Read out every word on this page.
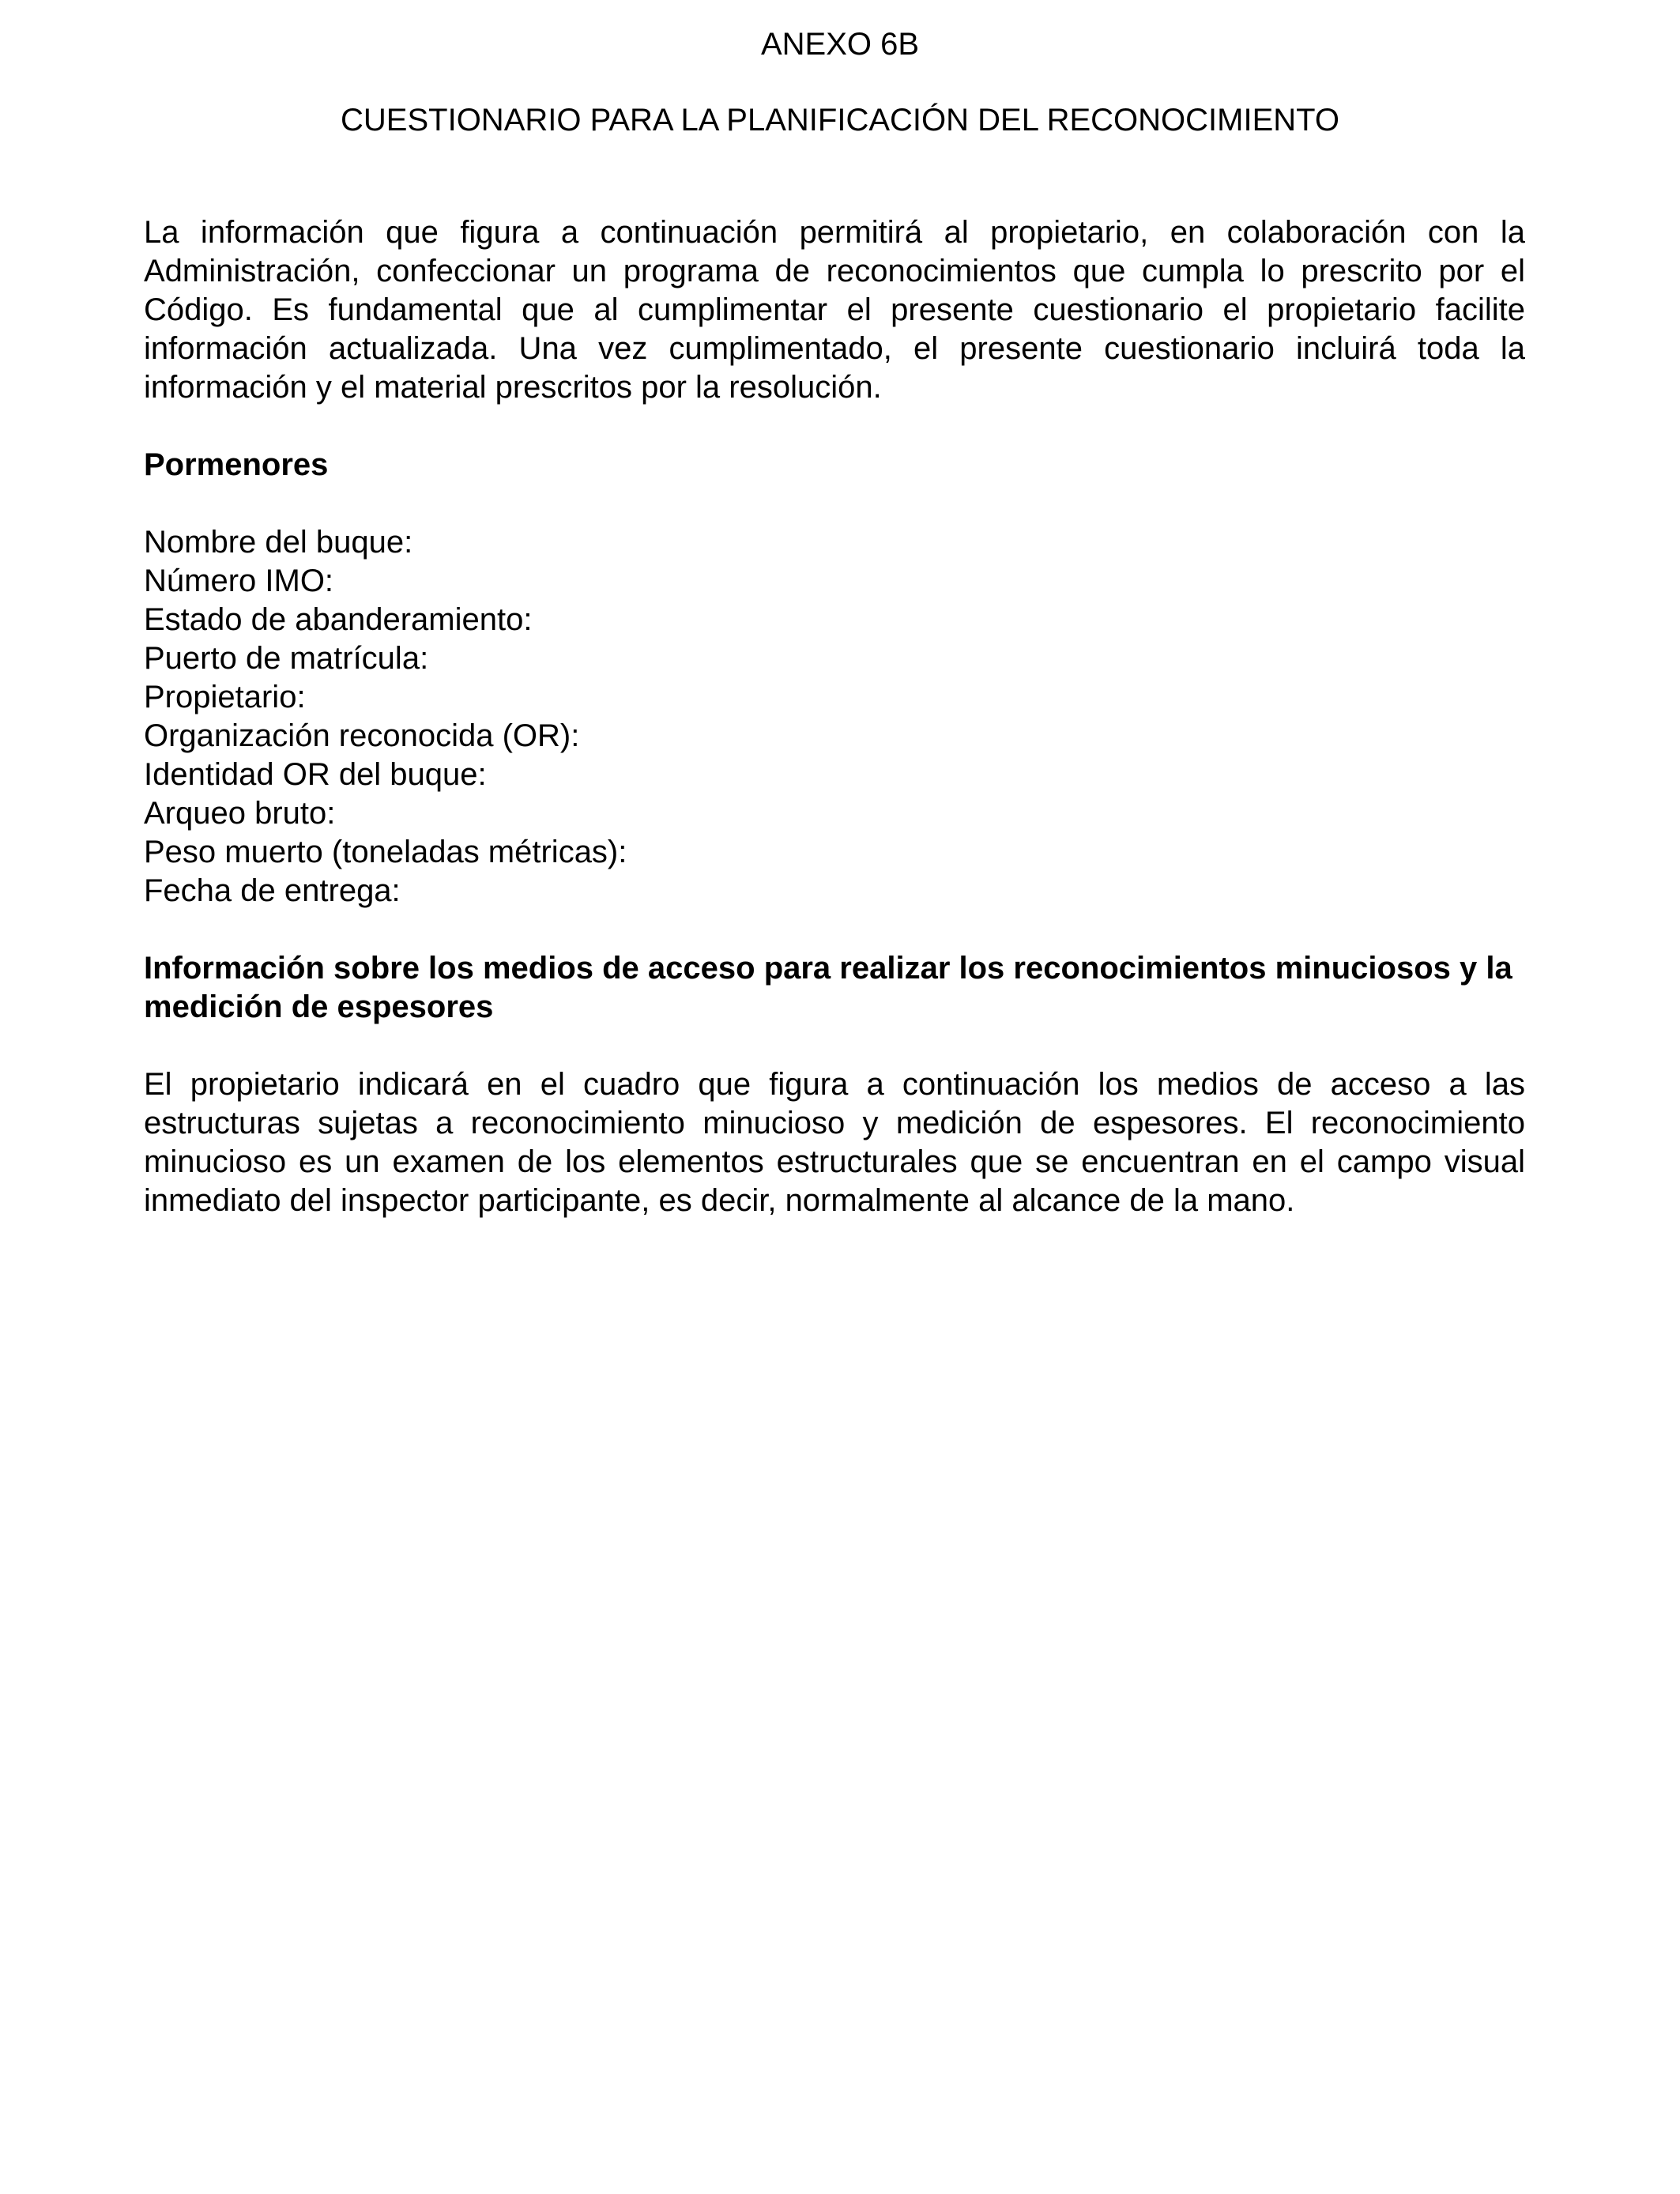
ANEXO 6B
CUESTIONARIO PARA LA PLANIFICACIÓN DEL RECONOCIMIENTO

La información que figura a continuación permitirá al propietario, en colaboración con la Administración, confeccionar un programa de reconocimientos que cumpla lo prescrito por el Código. Es fundamental que al cumplimentar el presente cuestionario el propietario facilite información actualizada. Una vez cumplimentado, el presente cuestionario incluirá toda la información y el material prescritos por la resolución.

Pormenores

Nombre del buque:
Número IMO:
Estado de abanderamiento:
Puerto de matrícula:
Propietario:
Organización reconocida (OR):
Identidad OR del buque:
Arqueo bruto:
Peso muerto (toneladas métricas):
Fecha de entrega:

Información sobre los medios de acceso para realizar los reconocimientos minuciosos y la medición de espesores

El propietario indicará en el cuadro que figura a continuación los medios de acceso a las estructuras sujetas a reconocimiento minucioso y medición de espesores. El reconocimiento minucioso es un examen de los elementos estructurales que se encuentran en el campo visual inmediato del inspector participante, es decir, normalmente al alcance de la mano.
